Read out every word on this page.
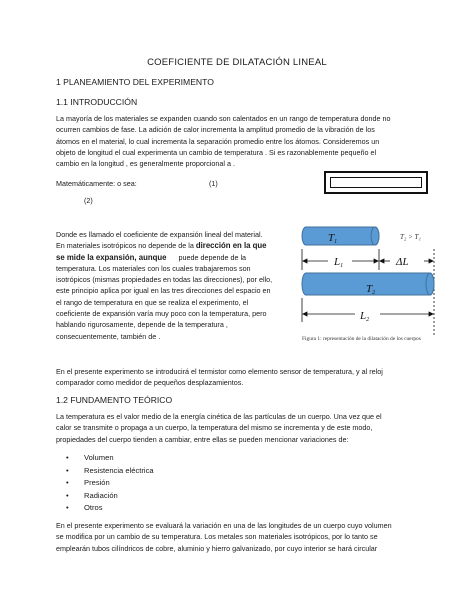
COEFICIENTE DE DILATACIÓN LINEAL
1 PLANEAMIENTO DEL EXPERIMENTO
1.1 INTRODUCCIÓN
La mayoría de los materiales se expanden cuando son calentados en un rango de temperatura donde no
ocurren cambios de fase. La adición de calor incrementa la amplitud promedio de la vibración de los
átomos en el material, lo cual incrementa la separación promedio entre los átomos. Consideremos un
objeto de longitud el cual experimenta un cambio de temperatura . Si es razonablemente pequeño el
cambio en la longitud , es generalmente proporcional a .
Matemáticamente: o sea:	(1)
(2)
Donde es llamado el coeficiente de expansión lineal del material.
En materiales isotrópicos no depende de la dirección en la que
se mide la expansión, aunque puede depende de la
temperatura. Los materiales con los cuales trabajaremos son
isotrópicos (mismas propiedades en todas las direcciones), por ello,
este principio aplica por igual en las tres direcciones del espacio en
el rango de temperatura en que se realiza el experimento, el
coeficiente de expansión varía muy poco con la temperatura, pero
hablando rigurosamente, depende de la temperatura ,
consecuentemente, también de .
T1
T₂ > T₁
L1	ΔL
T2
L2
Figura 1: representación de la dilatación de los cuerpos
En el presente experimento se introducirá el termistor como elemento sensor de temperatura, y al reloj
comparador como medidor de pequeños desplazamientos.
1.2 FUNDAMENTO TEÓRICO
La temperatura es el valor medio de la energía cinética de las partículas de un cuerpo. Una vez que el
calor se transmite o propaga a un cuerpo, la temperatura del mismo se incrementa y de este modo,
propiedades del cuerpo tienden a cambiar, entre ellas se pueden mencionar variaciones de:
• Volumen
• Resistencia eléctrica
• Presión
• Radiación
• Otros
En el presente experimento se evaluará la variación en una de las longitudes de un cuerpo cuyo volumen
se modifica por un cambio de su temperatura. Los metales son materiales isotrópicos, por lo tanto se
emplearán tubos cilíndricos de cobre, aluminio y hierro galvanizado, por cuyo interior se hará circular
